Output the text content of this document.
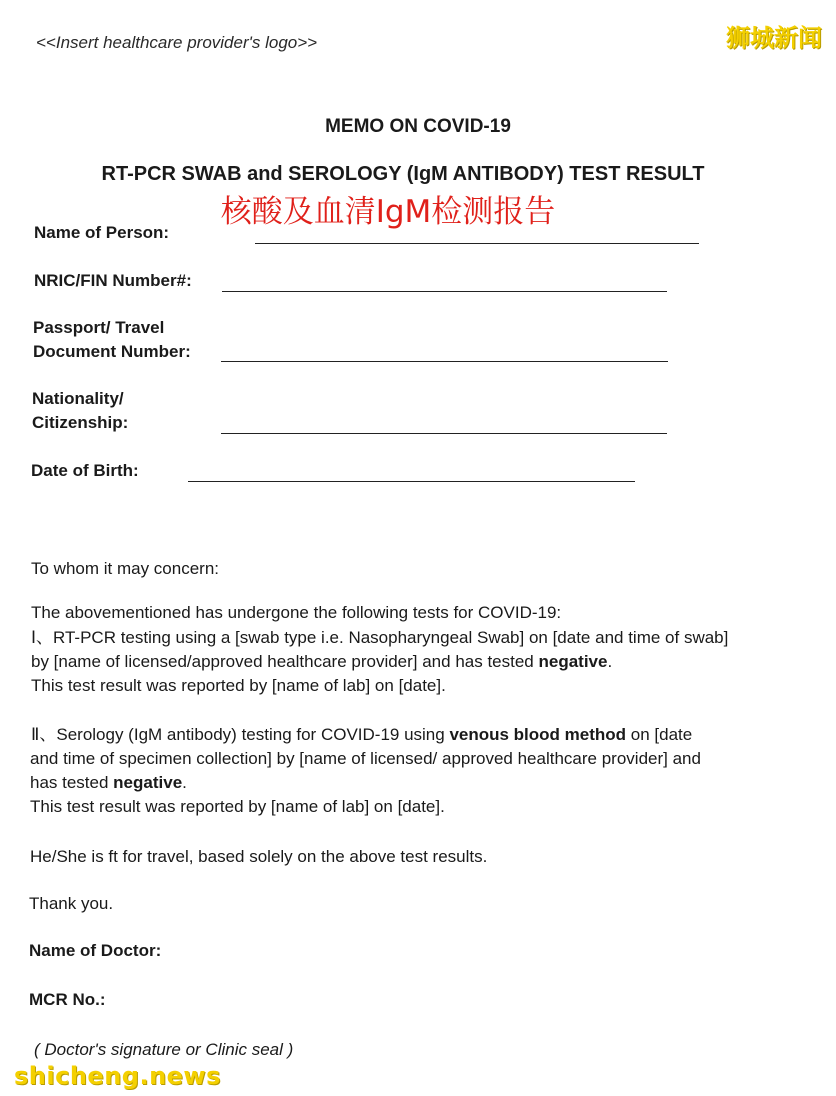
<<Insert healthcare provider's logo>>	狮城新闻
MEMO ON COVID-19
RT-PCR SWAB and SEROLOGY (IgM ANTIBODY) TEST RESULT
核酸及血清IgM检测报告
Name of Person:
NRIC/FIN Number#:
Passport/ Travel
Document Number:
Nationality/
Citizenship:
Date of Birth:
To whom it may concern:
The abovementioned has undergone the following tests for COVID-19:
Ⅰ、RT-PCR testing using a [swab type i.e. Nasopharyngeal Swab] on [date and time of swab]
by [name of licensed/approved healthcare provider] and has tested negative.
This test result was reported by [name of lab] on [date].
Ⅱ、Serology (IgM antibody) testing for COVID-19 using venous blood method on [date
and time of specimen collection] by [name of licensed/ approved healthcare provider] and
has tested negative.
This test result was reported by [name of lab] on [date].
He/She is ft for travel, based solely on the above test results.
Thank you.
Name of Doctor:
MCR No.:
( Doctor's signature or Clinic seal )
shicheng.news
